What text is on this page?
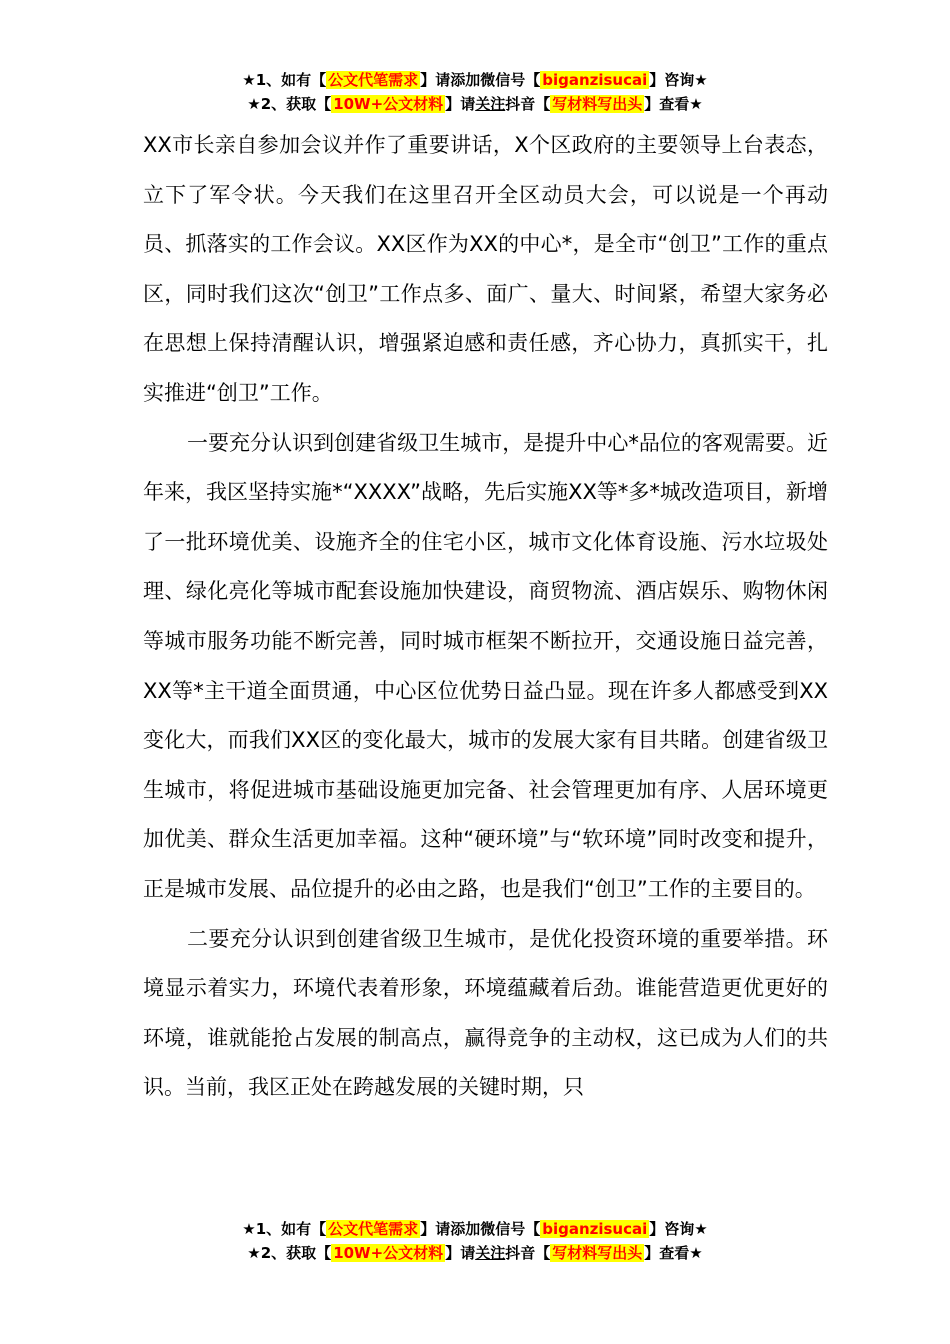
★1、如有【 公文代笔需求 】请添加微信号【 biganzisucai 】咨询★
★2、获取【 10W+公文材料 】请关注抖音【 写材料写出头 】查看★

XX市长亲自参加会议并作了重要讲话，X个区政府的主要领导上台表态，立下了军令状。今天我们在这里召开全区动员大会，可以说是一个再动员、抓落实的工作会议。XX区作为XX的中心*，是全市“创卫”工作的重点区，同时我们这次“创卫”工作点多、面广、量大、时间紧，希望大家务必在思想上保持清醒认识，增强紧迫感和责任感，齐心协力，真抓实干，扎实推进“创卫”工作。

一要充分认识到创建省级卫生城市，是提升中心*品位的客观需要。近年来，我区坚持实施*“XXXX”战略，先后实施XX等*多*城改造项目，新增了一批环境优美、设施齐全的住宅小区，城市文化体育设施、污水垃圾处理、绿化亮化等城市配套设施加快建设，商贸物流、酒店娱乐、购物休闲等城市服务功能不断完善，同时城市框架不断拉开，交通设施日益完善，XX等*主干道全面贯通，中心区位优势日益凸显。现在许多人都感受到XX变化大，而我们XX区的变化最大，城市的发展大家有目共睹。创建省级卫生城市，将促进城市基础设施更加完备、社会管理更加有序、人居环境更加优美、群众生活更加幸福。这种“硬环境”与“软环境”同时改变和提升，正是城市发展、品位提升的必由之路，也是我们“创卫”工作的主要目的。

二要充分认识到创建省级卫生城市，是优化投资环境的重要举措。环境显示着实力，环境代表着形象，环境蕴藏着后劲。谁能营造更优更好的环境，谁就能抢占发展的制高点，赢得竞争的主动权，这已成为人们的共识。当前，我区正处在跨越发展的关键时期，只

★1、如有【 公文代笔需求 】请添加微信号【 biganzisucai 】咨询★
★2、获取【 10W+公文材料 】请关注抖音【 写材料写出头 】查看★
